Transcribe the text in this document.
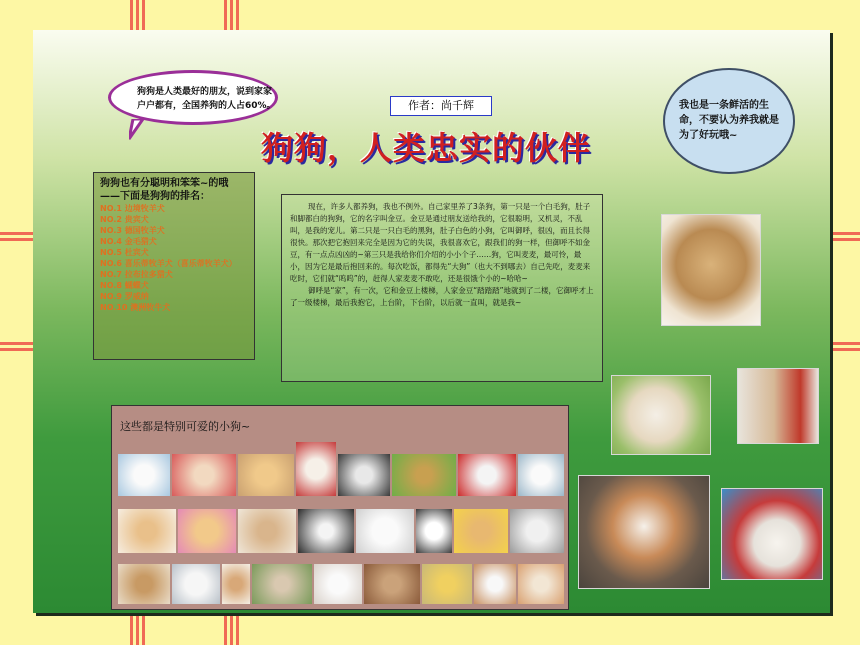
狗狗是人类最好的朋友，说到家家户户都有，全国养狗的人占60%。	我也是一条鲜活的生命，不要认为养我就是为了好玩哦~
作者：尚千辉
狗狗，人类忠实的伙伴
狗狗也有分聪明和笨笨~的哦——下面是狗狗的排名：
NO.1 边境牧羊犬
NO.2 贵宾犬
NO.3 德国牧羊犬
NO.4 金毛猎犬
NO.5 杜宾犬
NO.6 喜乐蒂牧羊犬（喜乐蒂牧羊犬）
NO.7 拉布拉多猎犬
NO.8 蝴蝶犬
NO.9 罗威纳
NO.10 澳洲牧牛犬

现在，许多人都养狗，我也不例外。自己家里养了3条狗，第一只是一个白毛狗，肚子和脚都白的狗狗，它的名字叫金豆。金豆是通过朋友送给我的，它很聪明，又机灵，不乱叫，是我的宠儿。第二只是一只白毛的黑狗，肚子白色的小狗，它叫御呼，很凶，而且长得很快。那次把它抱回来完全是因为它的失误，我很喜欢它，跟我们的狗一样，但御呼不如金豆，有一点点凶凶的~第三只是我给你们介绍的小小个子……狗，它叫麦麦，最可怜，最小，因为它是最后抱回来的。每次吃饭，都得先“大狗”（也大不到哪去）自己先吃，麦麦来吃时，它们就“呜呜”的，赶得人家麦麦不敢吃，还是很饿个小的~哈哈~

御呼是“家”，有一次，它和金豆上楼梯，人家金豆“踏踏踏”地就到了二楼，它御呼才上了一级楼梯，最后我抱它，上台阶，下台阶，以后就一直叫，就是我~

这些都是特别可爱的小狗~
